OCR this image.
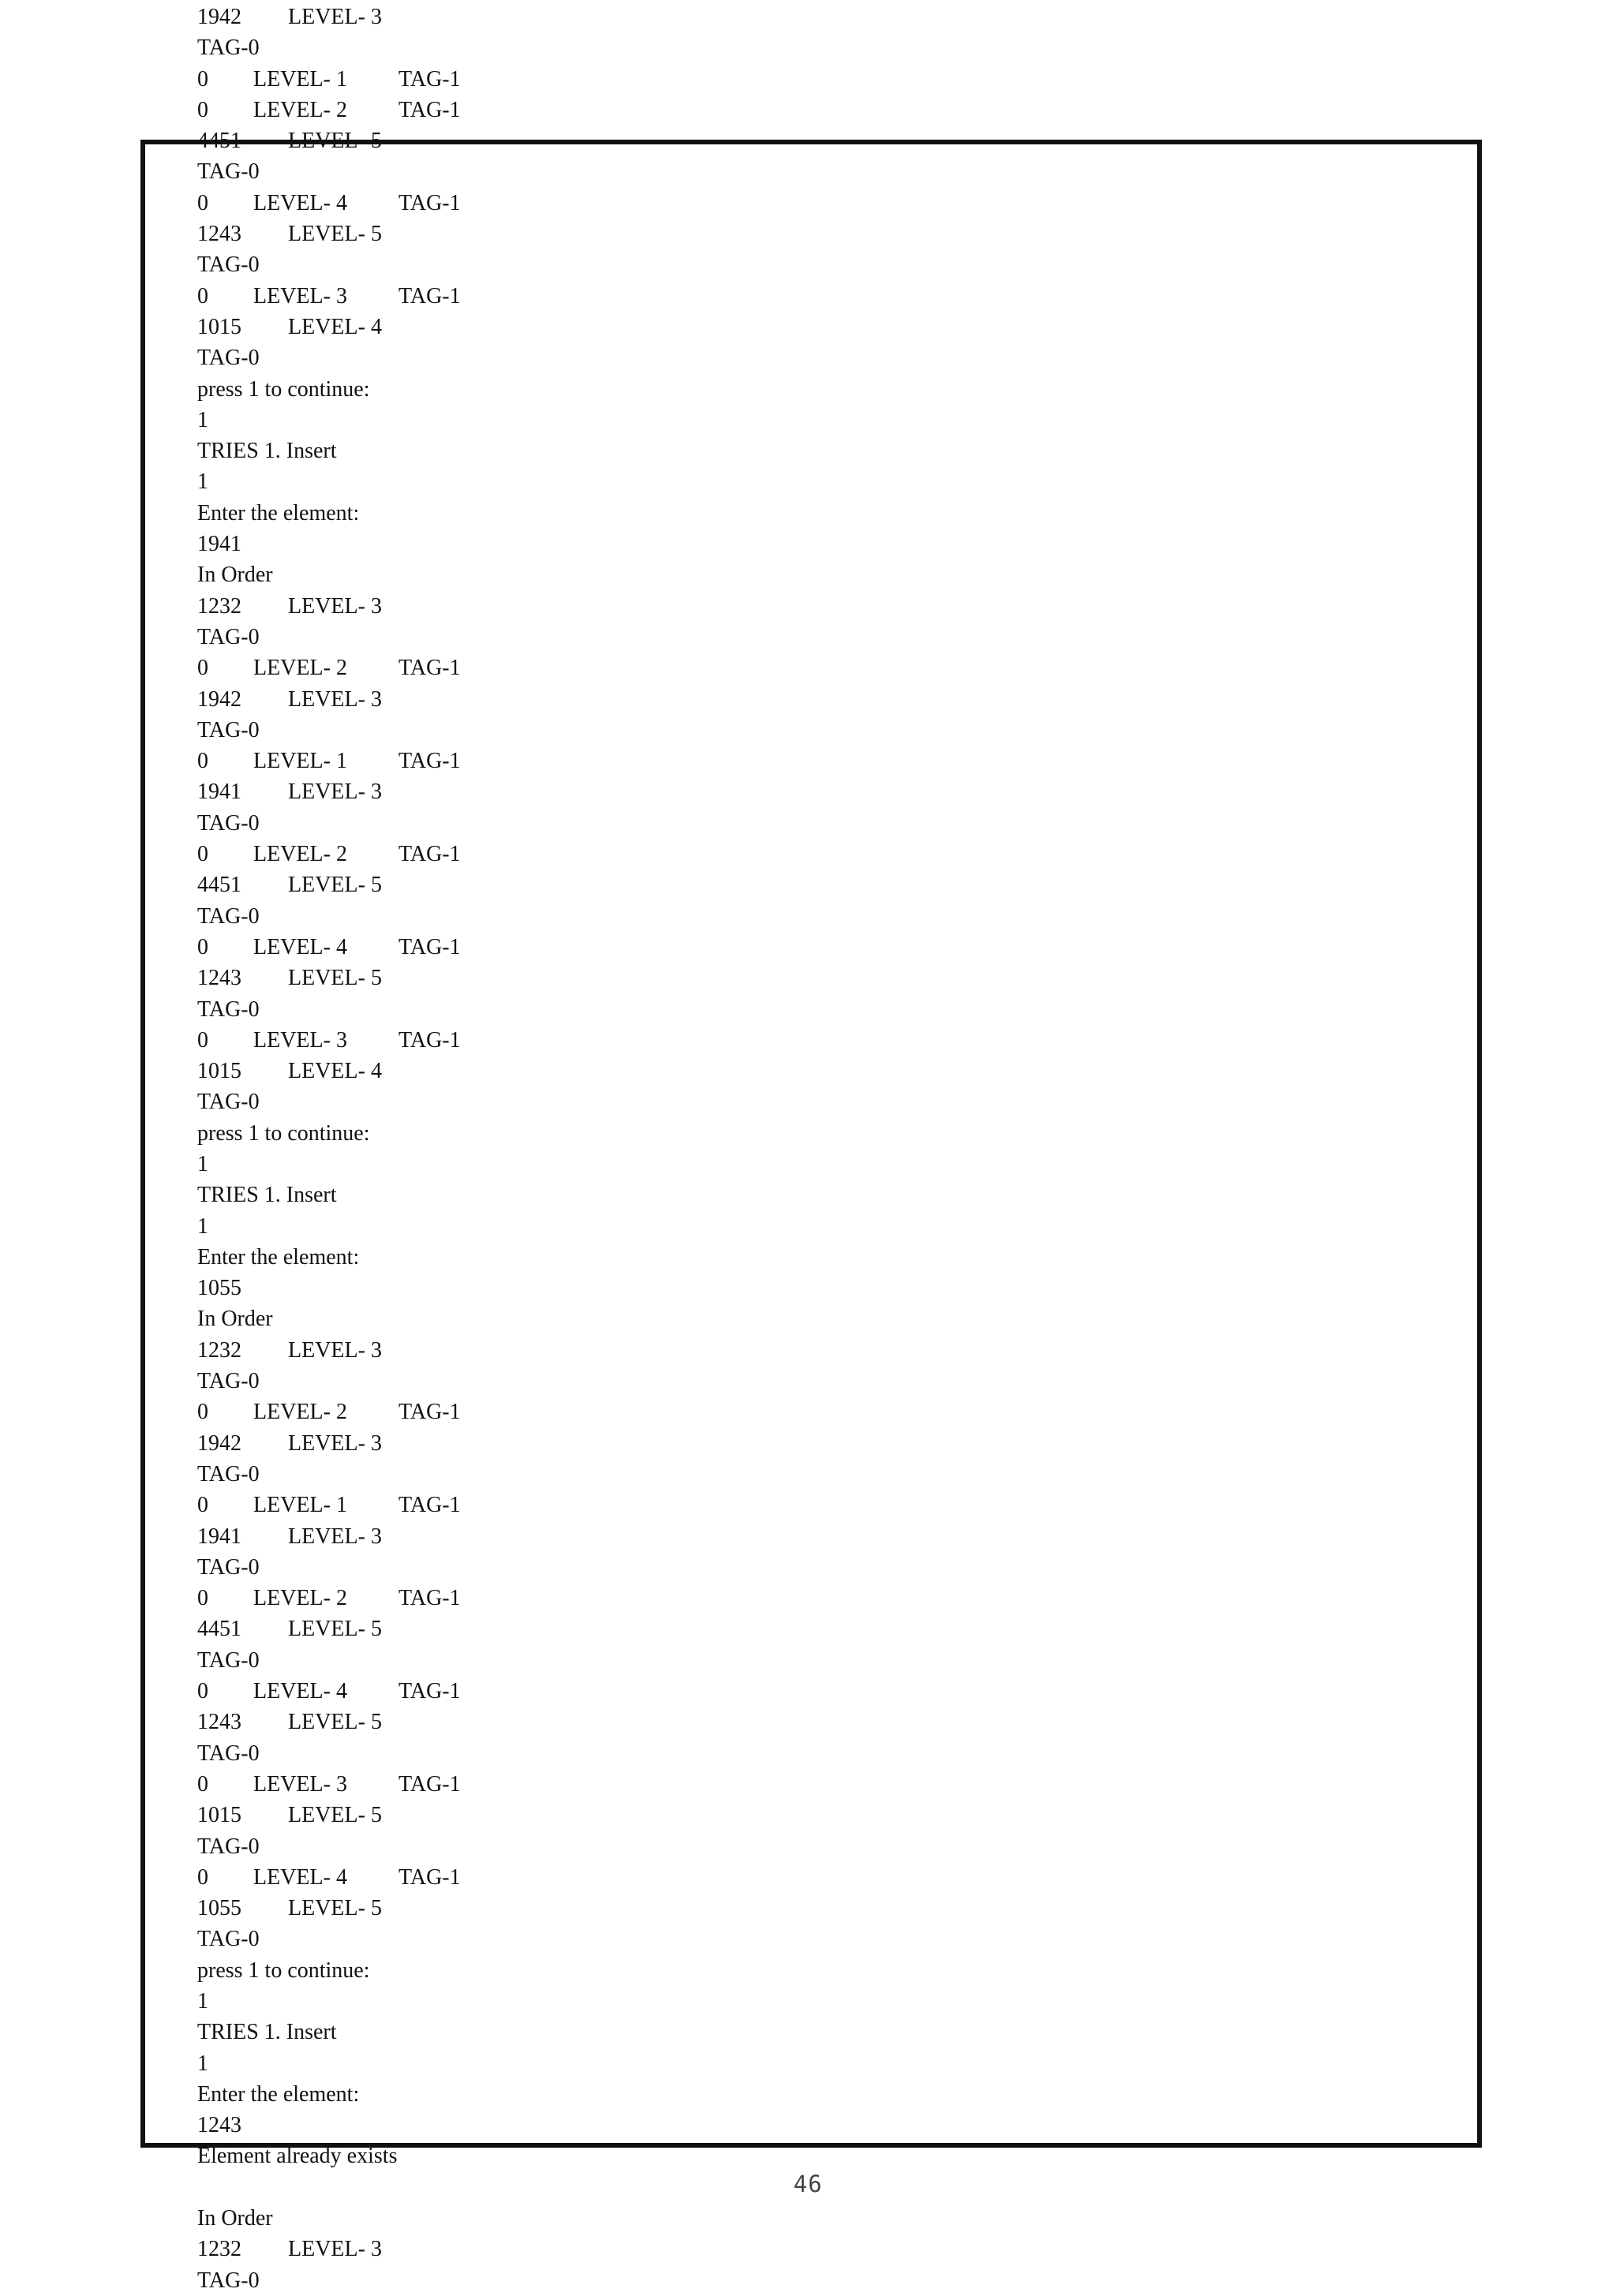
1942 LEVEL- 3
TAG-0
0 LEVEL- 1 TAG-1
0 LEVEL- 2 TAG-1
4451 LEVEL- 5
TAG-0
0 LEVEL- 4 TAG-1
1243 LEVEL- 5
TAG-0
0 LEVEL- 3 TAG-1
1015 LEVEL- 4
TAG-0
press 1 to continue:
1
TRIES 1. Insert
1
Enter the element:
1941
In Order
1232 LEVEL- 3
TAG-0
0 LEVEL- 2 TAG-1
1942 LEVEL- 3
TAG-0
0 LEVEL- 1 TAG-1
1941 LEVEL- 3
TAG-0
0 LEVEL- 2 TAG-1
4451 LEVEL- 5
TAG-0
0 LEVEL- 4 TAG-1
1243 LEVEL- 5
TAG-0
0 LEVEL- 3 TAG-1
1015 LEVEL- 4
TAG-0
press 1 to continue:
1
TRIES 1. Insert
1
Enter the element:
1055
In Order
1232 LEVEL- 3
TAG-0
0 LEVEL- 2 TAG-1
1942 LEVEL- 3
TAG-0
0 LEVEL- 1 TAG-1
1941 LEVEL- 3
TAG-0
0 LEVEL- 2 TAG-1
4451 LEVEL- 5
TAG-0
0 LEVEL- 4 TAG-1
1243 LEVEL- 5
TAG-0
0 LEVEL- 3 TAG-1
1015 LEVEL- 5
TAG-0
0 LEVEL- 4 TAG-1
1055 LEVEL- 5
TAG-0
press 1 to continue:
1
TRIES 1. Insert
1
Enter the element:
1243
Element already exists
In Order
1232 LEVEL- 3
TAG-0
46
